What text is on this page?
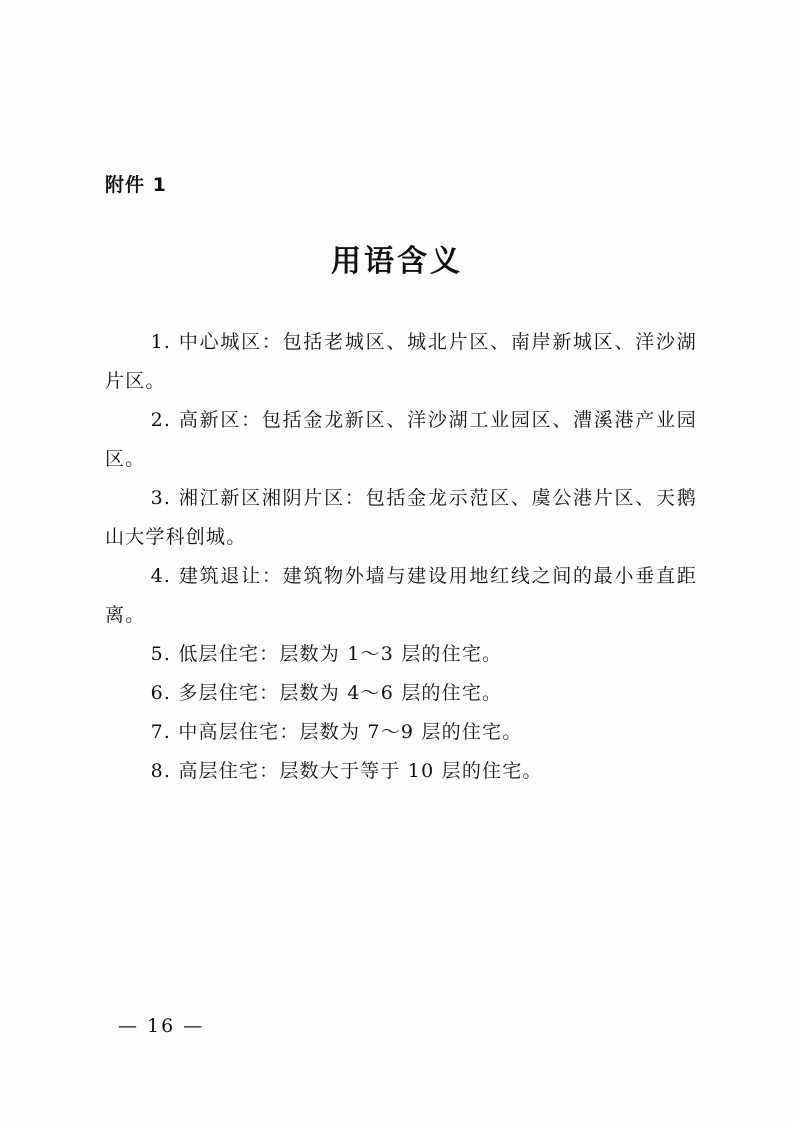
附件 1
用语含义

1. 中心城区：包括老城区、城北片区、南岸新城区、洋沙湖片区。

2. 高新区：包括金龙新区、洋沙湖工业园区、漕溪港产业园区。

3. 湘江新区湘阴片区：包括金龙示范区、虞公港片区、天鹅山大学科创城。

4. 建筑退让：建筑物外墙与建设用地红线之间的最小垂直距离。

5. 低层住宅：层数为 1～3 层的住宅。

6. 多层住宅：层数为 4～6 层的住宅。

7. 中高层住宅：层数为 7～9 层的住宅。

8. 高层住宅：层数大于等于 10 层的住宅。

— 16 —
